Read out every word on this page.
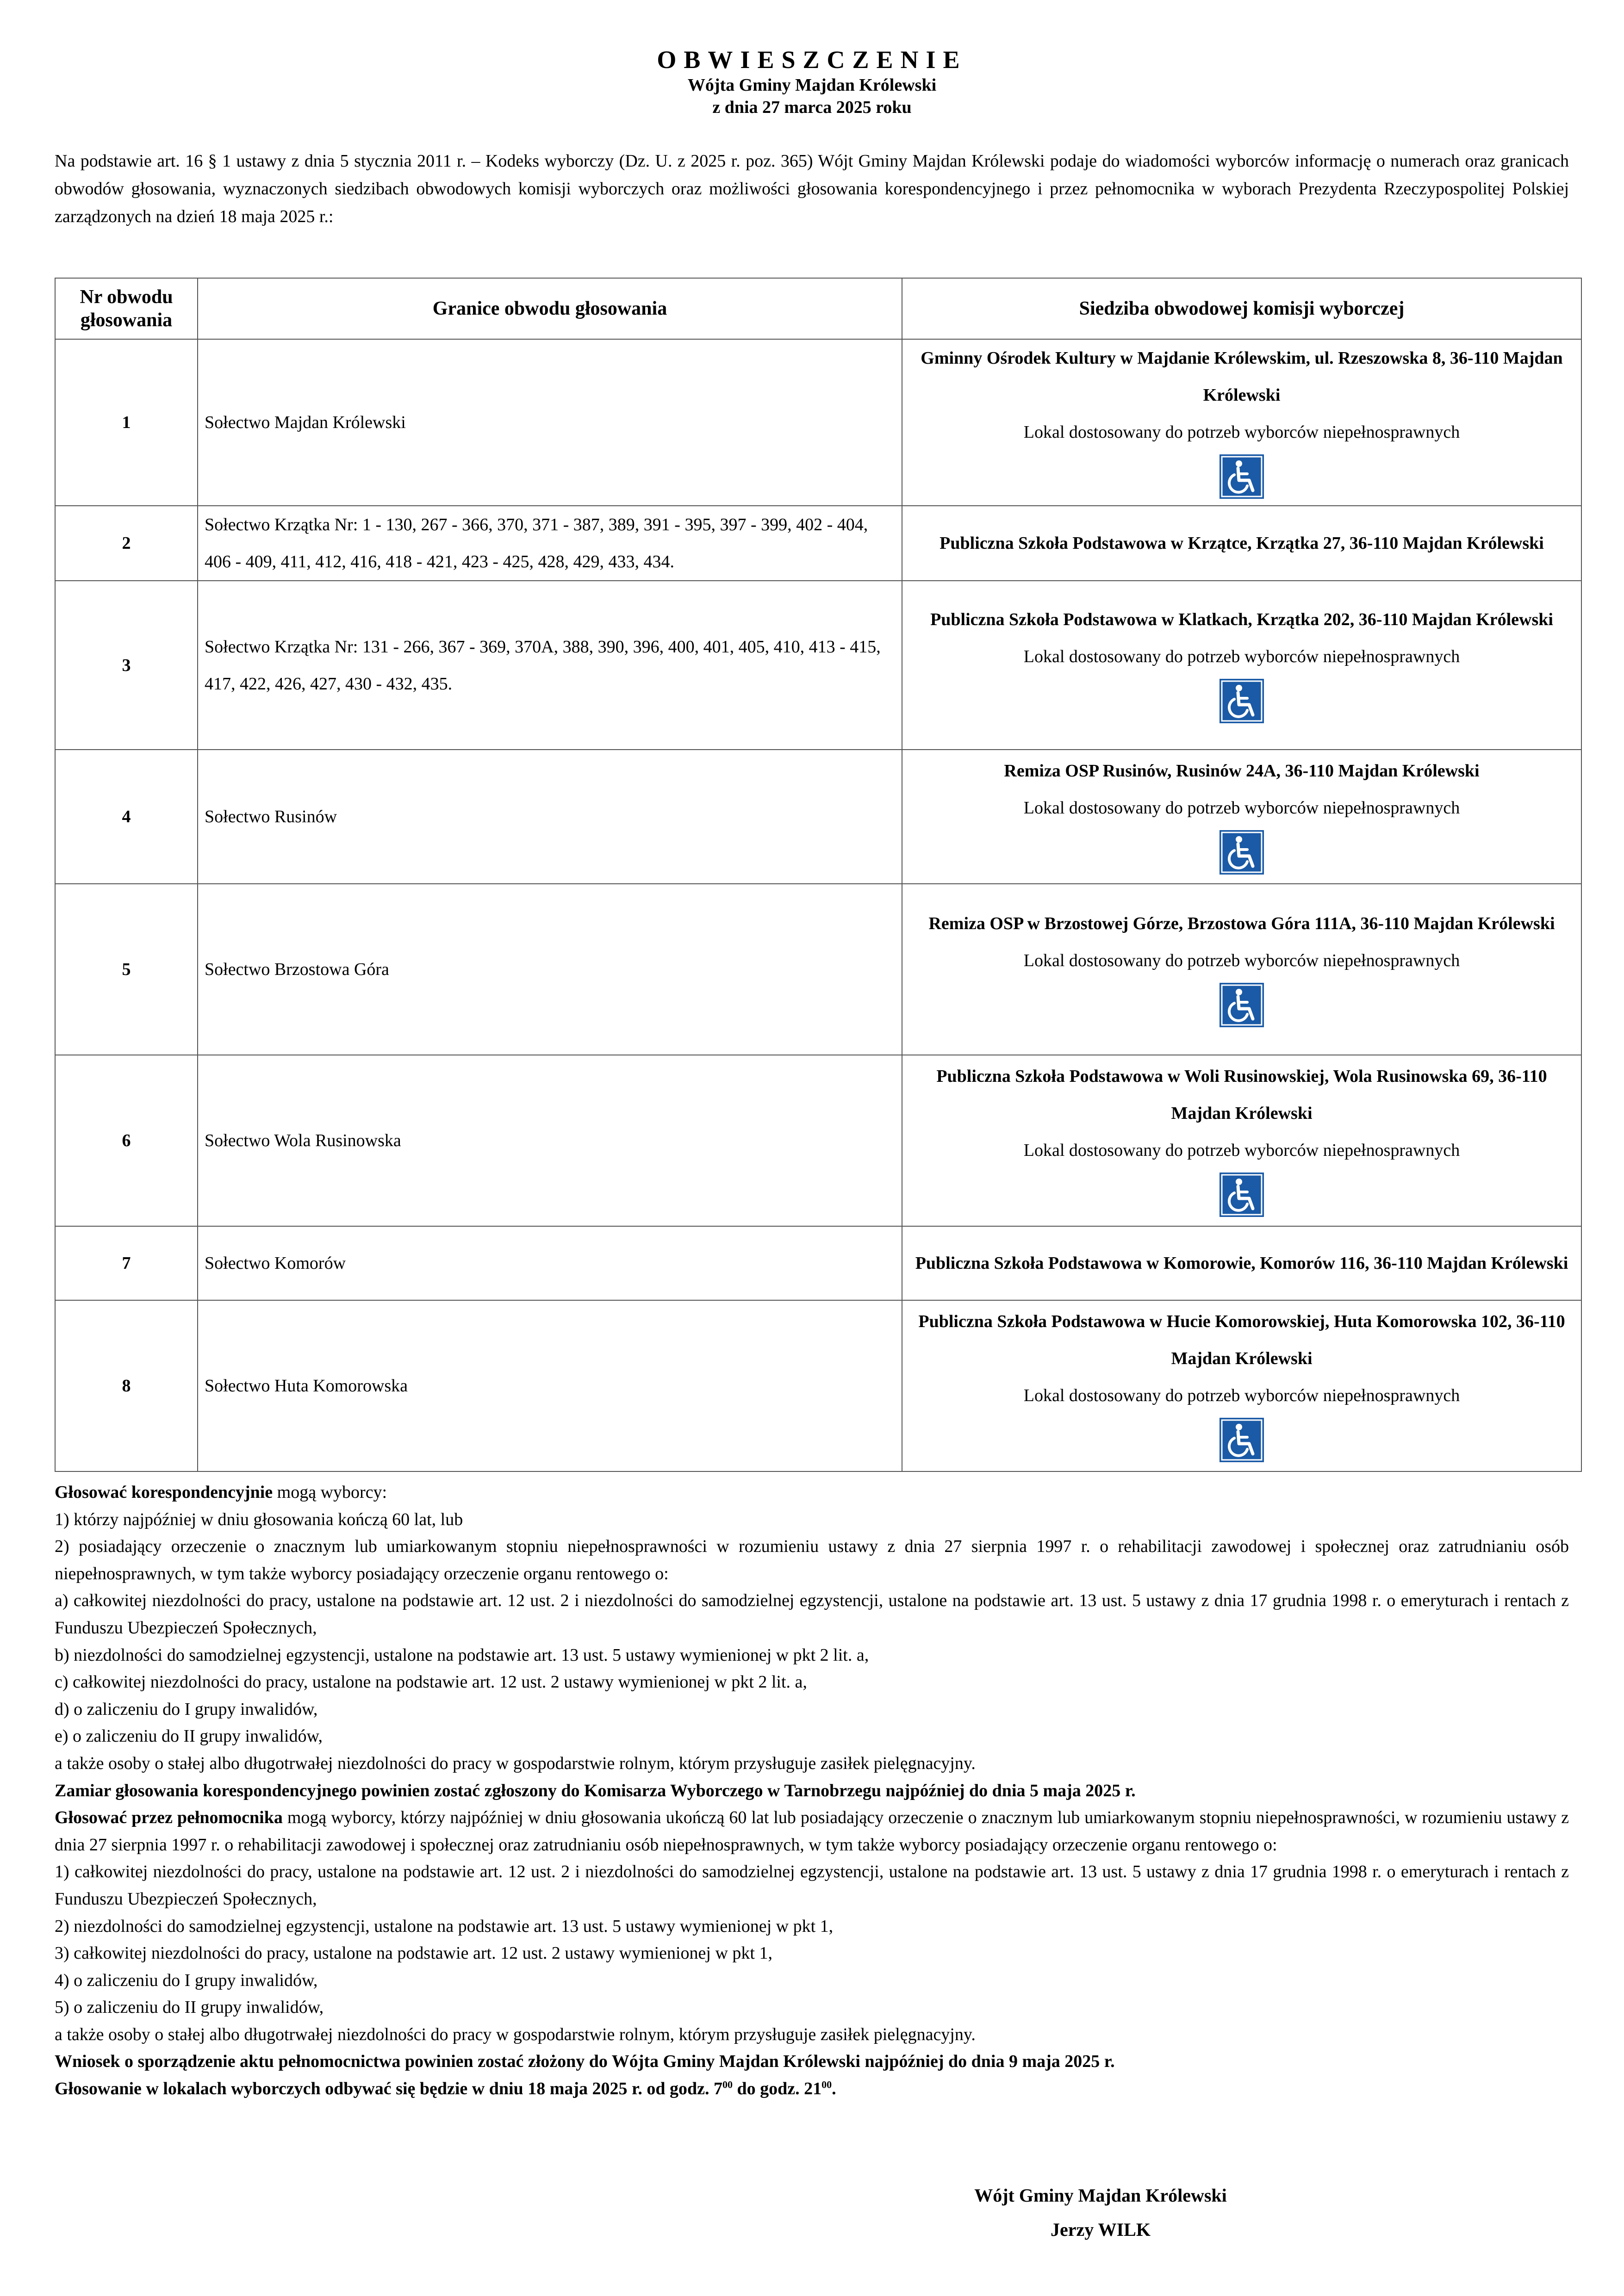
OBWIESZCZENIE
Wójta Gminy Majdan Królewski
z dnia 27 marca 2025 roku
Na podstawie art. 16 § 1 ustawy z dnia 5 stycznia 2011 r. – Kodeks wyborczy (Dz. U. z 2025 r. poz. 365) Wójt Gminy Majdan Królewski podaje do wiadomości wyborców informację o numerach oraz granicach obwodów głosowania, wyznaczonych siedzibach obwodowych komisji wyborczych oraz możliwości głosowania korespondencyjnego i przez pełnomocnika w wyborach Prezydenta Rzeczypospolitej Polskiej zarządzonych na dzień 18 maja 2025 r.:
Nr obwodu głosowania	Granice obwodu głosowania	Siedziba obwodowej komisji wyborczej
1	Sołectwo Majdan Królewski	Gminny Ośrodek Kultury w Majdanie Królewskim, ul. Rzeszowska 8, 36-110 Majdan Królewski
Lokal dostosowany do potrzeb wyborców niepełnosprawnych

2	Sołectwo Krzątka Nr: 1 - 130, 267 - 366, 370, 371 - 387, 389, 391 - 395, 397 - 399, 402 - 404, 406 - 409, 411, 412, 416, 418 - 421, 423 - 425, 428, 429, 433, 434.	Publiczna Szkoła Podstawowa w Krzątce, Krzątka 27, 36-110 Majdan Królewski

3	Sołectwo Krzątka Nr: 131 - 266, 367 - 369, 370A, 388, 390, 396, 400, 401, 405, 410, 413 - 415, 417, 422, 426, 427, 430 - 432, 435.	Publiczna Szkoła Podstawowa w Klatkach, Krzątka 202, 36-110 Majdan Królewski
Lokal dostosowany do potrzeb wyborców niepełnosprawnych

4	Sołectwo Rusinów	Remiza OSP Rusinów, Rusinów 24A, 36-110 Majdan Królewski
Lokal dostosowany do potrzeb wyborców niepełnosprawnych

5	Sołectwo Brzostowa Góra	Remiza OSP w Brzostowej Górze, Brzostowa Góra 111A, 36-110 Majdan Królewski
Lokal dostosowany do potrzeb wyborców niepełnosprawnych

6	Sołectwo Wola Rusinowska	Publiczna Szkoła Podstawowa w Woli Rusinowskiej, Wola Rusinowska 69, 36-110 Majdan Królewski
Lokal dostosowany do potrzeb wyborców niepełnosprawnych

7	Sołectwo Komorów	Publiczna Szkoła Podstawowa w Komorowie, Komorów 116, 36-110 Majdan Królewski

8	Sołectwo Huta Komorowska	Publiczna Szkoła Podstawowa w Hucie Komorowskiej, Huta Komorowska 102, 36-110 Majdan Królewski
Lokal dostosowany do potrzeb wyborców niepełnosprawnych

Głosować korespondencyjnie mogą wyborcy:

1) którzy najpóźniej w dniu głosowania kończą 60 lat, lub

2) posiadający orzeczenie o znacznym lub umiarkowanym stopniu niepełnosprawności w rozumieniu ustawy z dnia 27 sierpnia 1997 r. o rehabilitacji zawodowej i społecznej oraz zatrudnianiu osób niepełnosprawnych, w tym także wyborcy posiadający orzeczenie organu rentowego o:

a) całkowitej niezdolności do pracy, ustalone na podstawie art. 12 ust. 2 i niezdolności do samodzielnej egzystencji, ustalone na podstawie art. 13 ust. 5 ustawy z dnia 17 grudnia 1998 r. o emeryturach i rentach z Funduszu Ubezpieczeń Społecznych,

b) niezdolności do samodzielnej egzystencji, ustalone na podstawie art. 13 ust. 5 ustawy wymienionej w pkt 2 lit. a,

c) całkowitej niezdolności do pracy, ustalone na podstawie art. 12 ust. 2 ustawy wymienionej w pkt 2 lit. a,

d) o zaliczeniu do I grupy inwalidów,

e) o zaliczeniu do II grupy inwalidów,

a także osoby o stałej albo długotrwałej niezdolności do pracy w gospodarstwie rolnym, którym przysługuje zasiłek pielęgnacyjny.

Zamiar głosowania korespondencyjnego powinien zostać zgłoszony do Komisarza Wyborczego w Tarnobrzegu najpóźniej do dnia 5 maja 2025 r.

Głosować przez pełnomocnika mogą wyborcy, którzy najpóźniej w dniu głosowania ukończą 60 lat lub posiadający orzeczenie o znacznym lub umiarkowanym stopniu niepełnosprawności, w rozumieniu ustawy z dnia 27 sierpnia 1997 r. o rehabilitacji zawodowej i społecznej oraz zatrudnianiu osób niepełnosprawnych, w tym także wyborcy posiadający orzeczenie organu rentowego o:

1) całkowitej niezdolności do pracy, ustalone na podstawie art. 12 ust. 2 i niezdolności do samodzielnej egzystencji, ustalone na podstawie art. 13 ust. 5 ustawy z dnia 17 grudnia 1998 r. o emeryturach i rentach z Funduszu Ubezpieczeń Społecznych,

2) niezdolności do samodzielnej egzystencji, ustalone na podstawie art. 13 ust. 5 ustawy wymienionej w pkt 1,

3) całkowitej niezdolności do pracy, ustalone na podstawie art. 12 ust. 2 ustawy wymienionej w pkt 1,

4) o zaliczeniu do I grupy inwalidów,

5) o zaliczeniu do II grupy inwalidów,

a także osoby o stałej albo długotrwałej niezdolności do pracy w gospodarstwie rolnym, którym przysługuje zasiłek pielęgnacyjny.

Wniosek o sporządzenie aktu pełnomocnictwa powinien zostać złożony do Wójta Gminy Majdan Królewski najpóźniej do dnia 9 maja 2025 r.

Głosowanie w lokalach wyborczych odbywać się będzie w dniu 18 maja 2025 r. od godz. $7^{00}$ do godz. $21^{00}$.

Wójt Gminy Majdan Królewski
Jerzy WILK
